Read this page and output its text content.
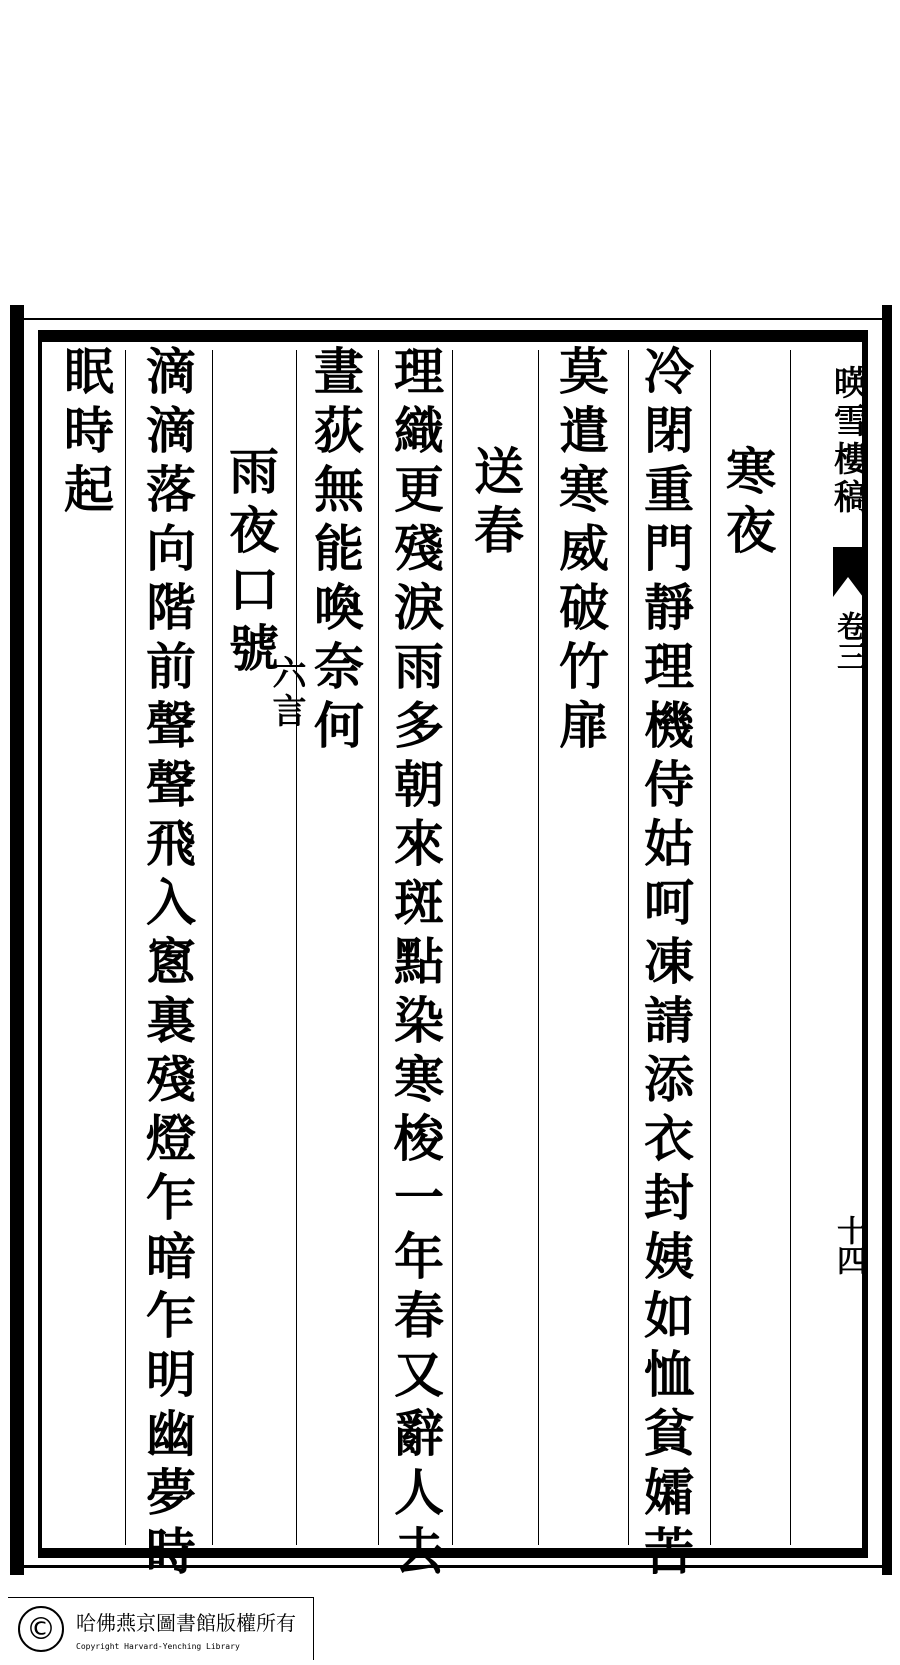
暎雪樓稿
卷三
十四
寒夜
冷閉重門靜理機侍姑呵凍請添衣封姨如恤貧孀苦
莫遣寒威破竹扉
送春
理織更殘淚雨多朝來斑點染寒梭一年春又辭人去
晝荻無能喚奈何
雨夜口號
六言
滴滴落向階前聲聲飛入窻裏殘燈乍暗乍明幽夢時
眠時起
©	哈佛燕京圖書館版權所有
Copyright Harvard-Yenching Library
